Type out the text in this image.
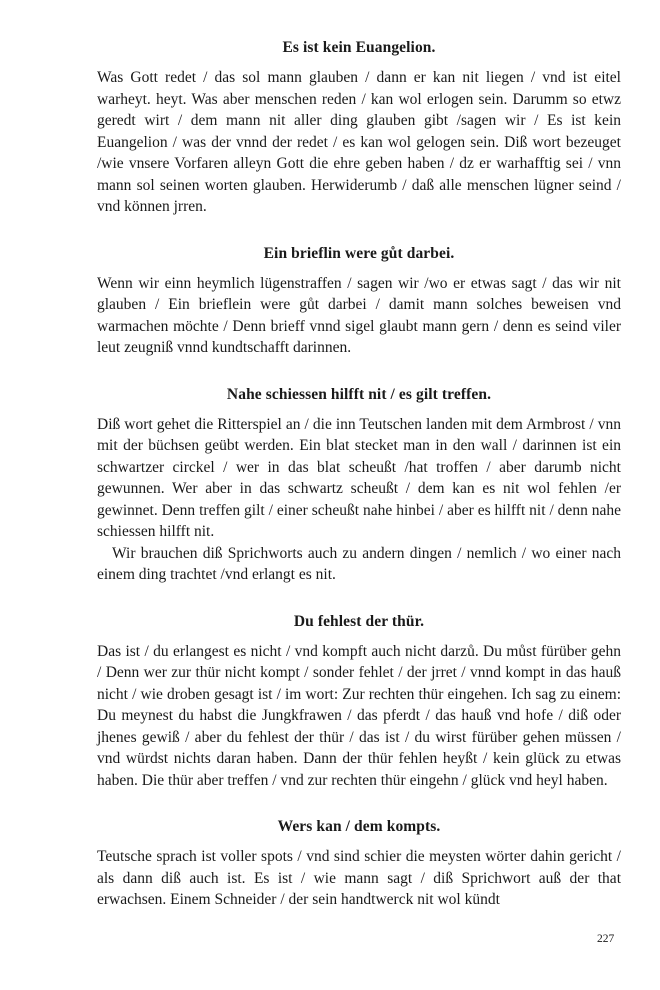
Es ist kein Euangelion.

Was Gott redet / das sol mann glauben / dann er kan nit liegen / vnd ist eitel warheyt. heyt. Was aber menschen reden / kan wol erlogen sein. Darumm so etwz geredt wirt / dem mann nit aller ding glauben gibt /sagen wir / Es ist kein Euangelion / was der vnnd der redet / es kan wol gelogen sein. Diß wort bezeuget /wie vnsere Vorfaren alleyn Gott die ehre geben haben / dz er warhafftig sei / vnn mann sol seinen worten glauben. Herwiderumb / daß alle menschen lügner seind / vnd können jrren.

Ein brieflin were gůt darbei.

Wenn wir einn heymlich lügenstraffen / sagen wir /wo er etwas sagt / das wir nit glauben / Ein brieflein were gůt darbei / damit mann solches beweisen vnd warmachen möchte / Denn brieff vnnd sigel glaubt mann gern / denn es seind viler leut zeugniß vnnd kundtschafft darinnen.

Nahe schiessen hilfft nit / es gilt treffen.

Diß wort gehet die Ritterspiel an / die inn Teutschen landen mit dem Armbrost / vnn mit der büchsen geübt werden. Ein blat stecket man in den wall / darinnen ist ein schwartzer circkel / wer in das blat scheußt /hat troffen / aber darumb nicht gewunnen. Wer aber in das schwartz scheußt / dem kan es nit wol fehlen /er gewinnet. Denn treffen gilt / einer scheußt nahe hinbei / aber es hilfft nit / denn nahe schiessen hilfft nit.

Wir brauchen diß Sprichworts auch zu andern dingen / nemlich / wo einer nach einem ding trachtet /vnd erlangt es nit.

Du fehlest der thür.

Das ist / du erlangest es nicht / vnd kompft auch nicht darzů. Du můst fürüber gehn / Denn wer zur thür nicht kompt / sonder fehlet / der jrret / vnnd kompt in das hauß nicht / wie droben gesagt ist / im wort: Zur rechten thür eingehen. Ich sag zu einem: Du meynest du habst die Jungkfrawen / das pferdt / das hauß vnd hofe / diß oder jhenes gewiß / aber du fehlest der thür / das ist / du wirst fürüber gehen müssen / vnd würdst nichts daran haben. Dann der thür fehlen heyßt / kein glück zu etwas haben. Die thür aber treffen / vnd zur rechten thür eingehn / glück vnd heyl haben.

Wers kan / dem kompts.

Teutsche sprach ist voller spots / vnd sind schier die meysten wörter dahin gericht / als dann diß auch ist. Es ist / wie mann sagt / diß Sprichwort auß der that erwachsen. Einem Schneider / der sein handtwerck nit wol kündt

227
